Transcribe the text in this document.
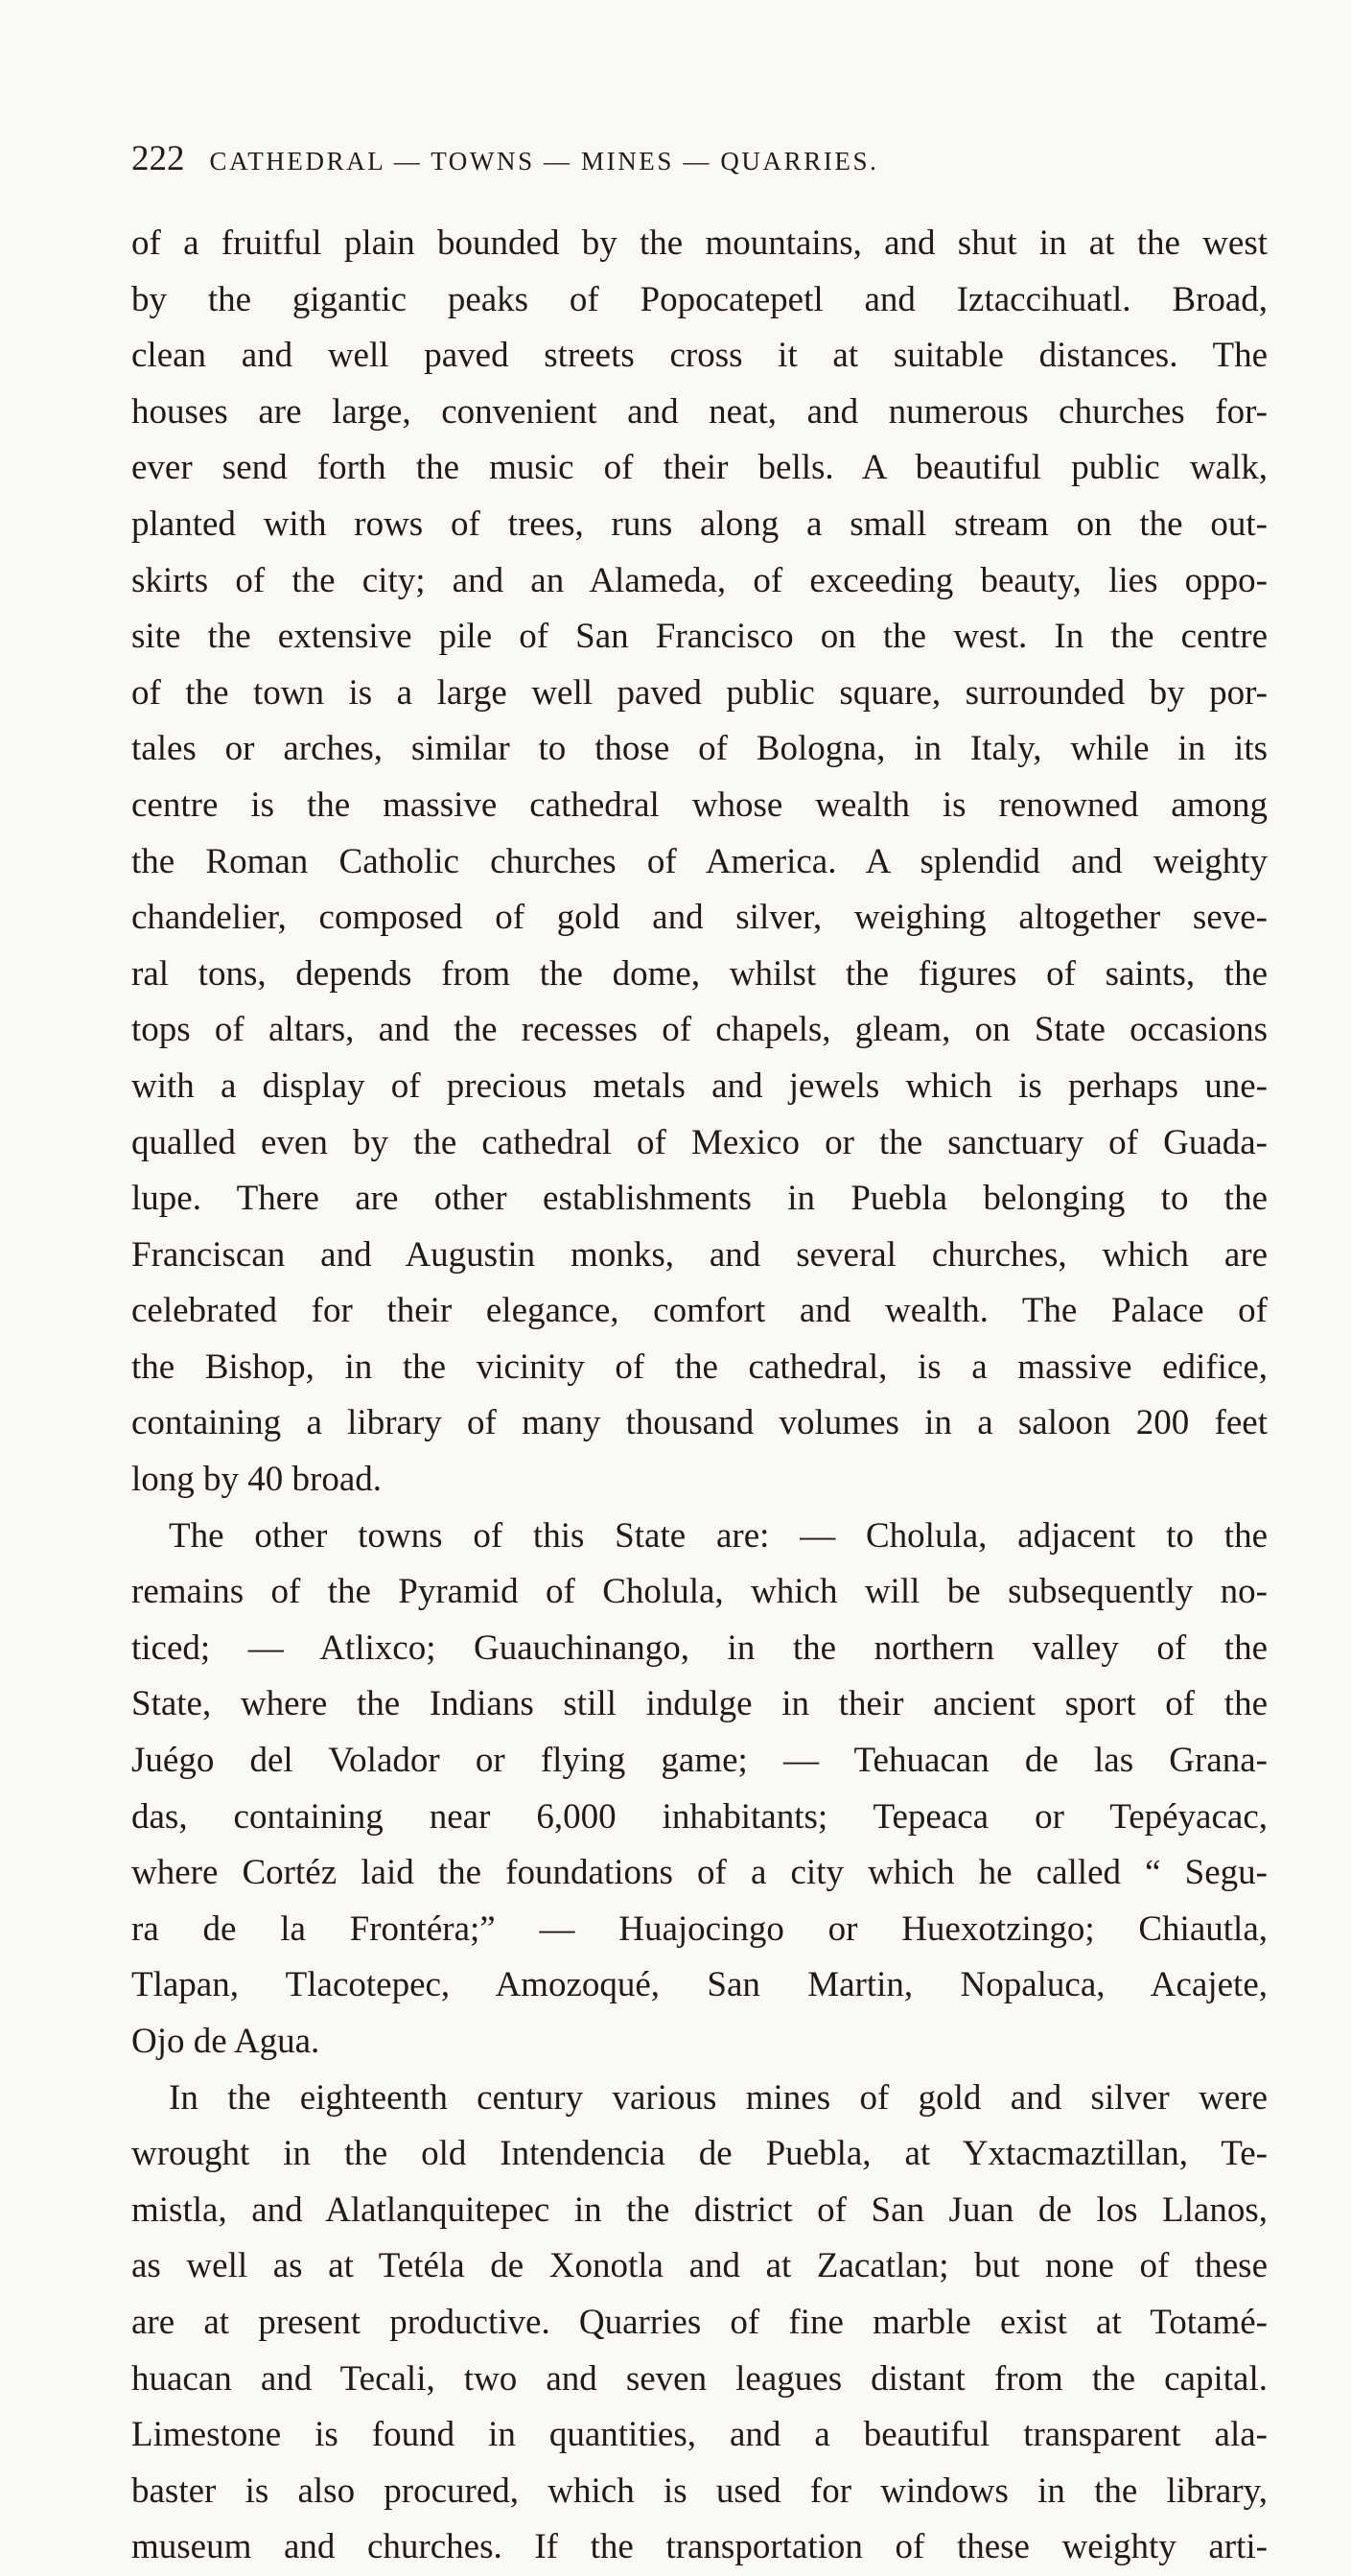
222 CATHEDRAL — TOWNS — MINES — QUARRIES.
of a fruitful plain bounded by the mountains, and shut in at the west
by the gigantic peaks of Popocatepetl and Iztaccihuatl. Broad,
clean and well paved streets cross it at suitable distances. The
houses are large, convenient and neat, and numerous churches for-
ever send forth the music of their bells. A beautiful public walk,
planted with rows of trees, runs along a small stream on the out-
skirts of the city; and an Alameda, of exceeding beauty, lies oppo-
site the extensive pile of San Francisco on the west. In the centre
of the town is a large well paved public square, surrounded by por-
tales or arches, similar to those of Bologna, in Italy, while in its
centre is the massive cathedral whose wealth is renowned among
the Roman Catholic churches of America. A splendid and weighty
chandelier, composed of gold and silver, weighing altogether seve-
ral tons, depends from the dome, whilst the figures of saints, the
tops of altars, and the recesses of chapels, gleam, on State occasions
with a display of precious metals and jewels which is perhaps une-
qualled even by the cathedral of Mexico or the sanctuary of Guada-
lupe. There are other establishments in Puebla belonging to the
Franciscan and Augustin monks, and several churches, which are
celebrated for their elegance, comfort and wealth. The Palace of
the Bishop, in the vicinity of the cathedral, is a massive edifice,
containing a library of many thousand volumes in a saloon 200 feet
long by 40 broad.
The other towns of this State are: — Cholula, adjacent to the
remains of the Pyramid of Cholula, which will be subsequently no-
ticed; — Atlixco; Guauchinango, in the northern valley of the
State, where the Indians still indulge in their ancient sport of the
Juégo del Volador or flying game; — Tehuacan de las Grana-
das, containing near 6,000 inhabitants; Tepeaca or Tepéyacac,
where Cortéz laid the foundations of a city which he called “ Segu-
ra de la Frontéra;” — Huajocingo or Huexotzingo; Chiautla,
Tlapan, Tlacotepec, Amozoqué, San Martin, Nopaluca, Acajete,
Ojo de Agua.
In the eighteenth century various mines of gold and silver were
wrought in the old Intendencia de Puebla, at Yxtacmaztillan, Te-
mistla, and Alatlanquitepec in the district of San Juan de los Llanos,
as well as at Tetéla de Xonotla and at Zacatlan; but none of these
are at present productive. Quarries of fine marble exist at Totamé-
huacan and Tecali, two and seven leagues distant from the capital.
Limestone is found in quantities, and a beautiful transparent ala-
baster is also procured, which is used for windows in the library,
museum and churches. If the transportation of these weighty arti-
